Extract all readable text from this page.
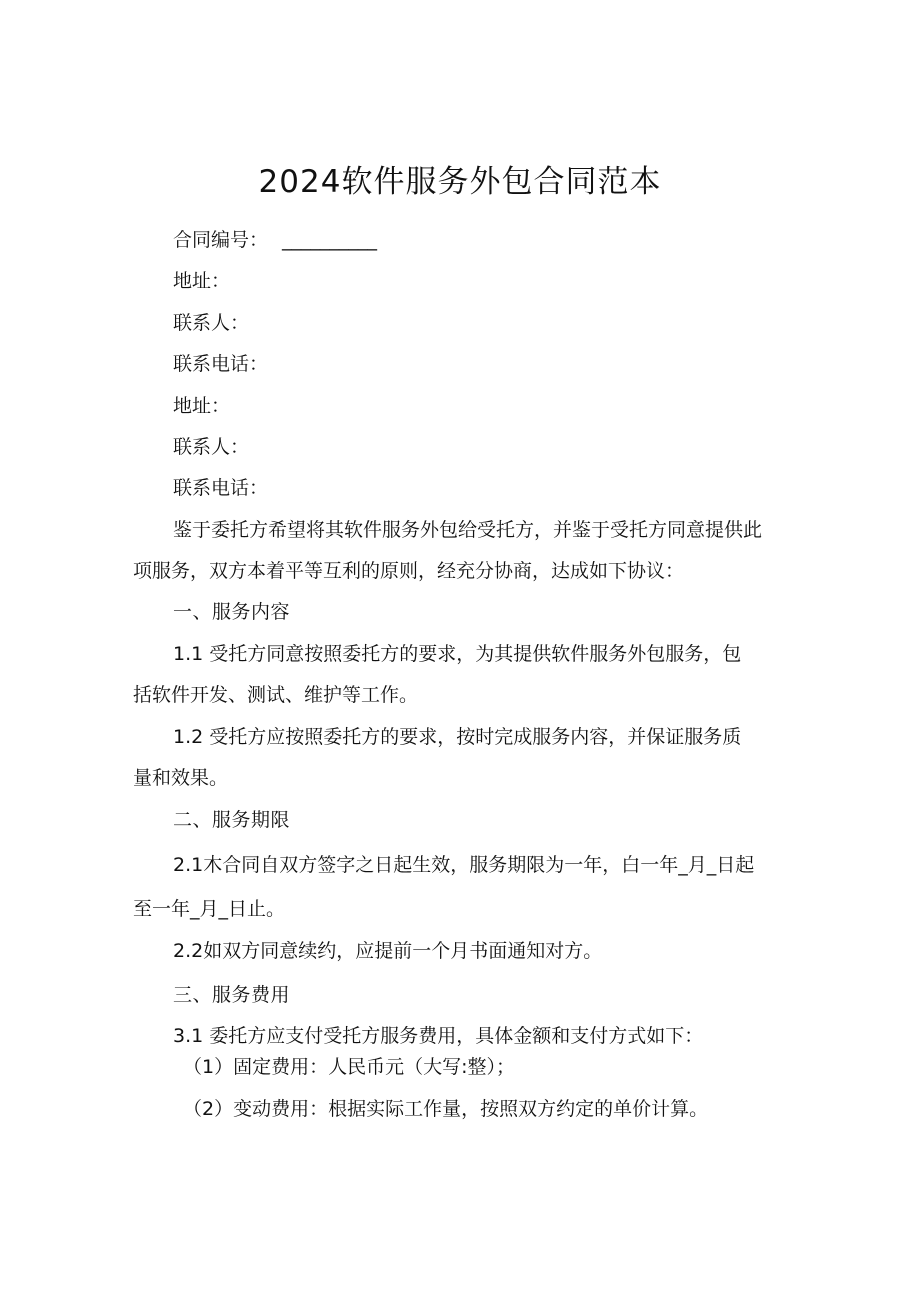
2024软件服务外包合同范本
合同编号： __________
地址：
联系人：
联系电话：
地址：
联系人：
联系电话：
鉴于委托方希望将其软件服务外包给受托方，并鉴于受托方同意提供此
项服务，双方本着平等互利的原则，经充分协商，达成如下协议：
一、服务内容
1.1 受托方同意按照委托方的要求，为其提供软件服务外包服务，包
括软件开发、测试、维护等工作。
1.2 受托方应按照委托方的要求，按时完成服务内容，并保证服务质
量和效果。
二、服务期限
2.1木合同自双方签字之日起生效，服务期限为一年，白一年_月_日起
至一年_月_日止。
2.2如双方同意续约，应提前一个月书面通知对方。
三、服务费用
3.1 委托方应支付受托方服务费用，具体金额和支付方式如下：
（1）固定费用：人民币元（大写:整）；
（2）变动费用：根据实际工作量，按照双方约定的单价计算。
